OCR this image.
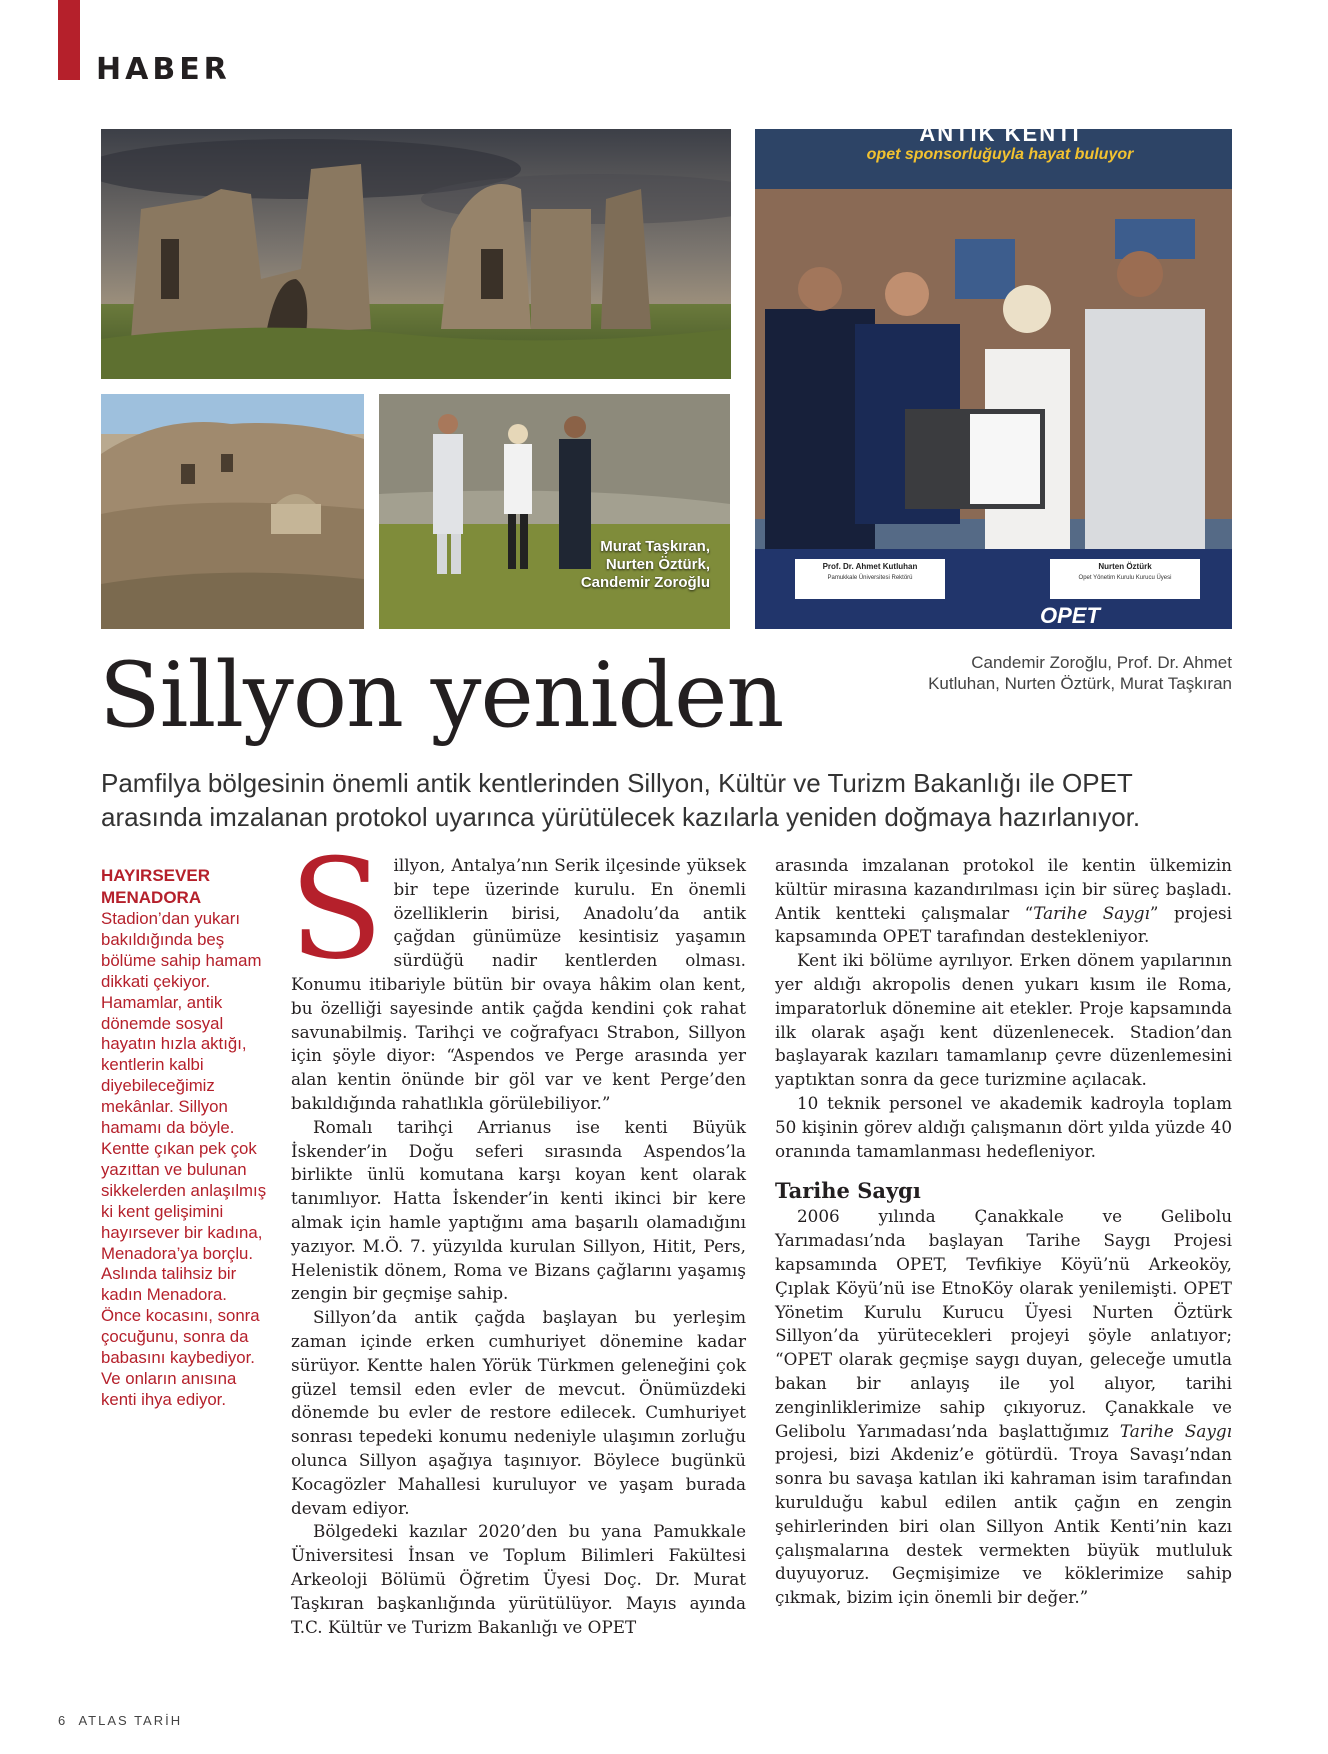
HABER
Murat Taşkıran, Nurten Öztürk, Candemir Zoroğlu
ANTİK KENTİ
opet sponsorluğuyla hayat buluyor
Prof. Dr. Ahmet Kutluhan
Pamukkale Üniversitesi Rektörü
Nurten Öztürk
Opet Yönetim Kurulu Kurucu Üyesi
OPET
Candemir Zoroğlu, Prof. Dr. Ahmet Kutluhan, Nurten Öztürk, Murat Taşkıran
Sillyon yeniden
Pamfilya bölgesinin önemli antik kentlerinden Sillyon, Kültür ve Turizm Bakanlığı ile OPET arasında imzalanan protokol uyarınca yürütülecek kazılarla yeniden doğmaya hazırlanıyor.
HAYIRSEVER
MENADORA
Stadion’dan yukarı bakıldığında beş bölüme sahip hamam dikkati çekiyor. Hamamlar, antik dönemde sosyal hayatın hızla aktığı, kentlerin kalbi diyebileceğimiz mekânlar. Sillyon hamamı da böyle. Kentte çıkan pek çok yazıttan ve bulunan sikkelerden anlaşılmış ki kent gelişimini hayırsever bir kadına, Menadora’ya borçlu. Aslında talihsiz bir kadın Menadora. Önce kocasını, sonra çocuğunu, sonra da babasını kaybediyor. Ve onların anısına kenti ihya ediyor.
S illyon, Antalya’nın Serik ilçesinde yüksek bir tepe üzerinde kurulu. En önemli özelliklerin birisi, Anadolu’da antik çağdan günümüze kesintisiz yaşamın sürdüğü nadir kentlerden olması. Konumu itibariyle bütün bir ovaya hâkim olan kent, bu özelliği sayesinde antik çağda kendini çok rahat savunabilmiş. Tarihçi ve coğrafyacı Strabon, Sillyon için şöyle diyor: “Aspendos ve Perge arasında yer alan kentin önünde bir göl var ve kent Perge’den bakıldığında rahatlıkla görülebiliyor.”

Romalı tarihçi Arrianus ise kenti Büyük İskender’in Doğu seferi sırasında Aspendos’la birlikte ünlü komutana karşı koyan kent olarak tanımlıyor. Hatta İskender’in kenti ikinci bir kere almak için hamle yaptığını ama başarılı olamadığını yazıyor. M.Ö. 7. yüzyılda kurulan Sillyon, Hitit, Pers, Helenistik dönem, Roma ve Bizans çağlarını yaşamış zengin bir geçmişe sahip.

Sillyon’da antik çağda başlayan bu yerleşim zaman içinde erken cumhuriyet dönemine kadar sürüyor. Kentte halen Yörük Türkmen geleneğini çok güzel temsil eden evler de mevcut. Önümüzdeki dönemde bu evler de restore edilecek. Cumhuriyet sonrası tepedeki konumu nedeniyle ulaşımın zorluğu olunca Sillyon aşağıya taşınıyor. Böylece bugünkü Kocagözler Mahallesi kuruluyor ve yaşam burada devam ediyor.

Bölgedeki kazılar 2020’den bu yana Pamukkale Üniversitesi İnsan ve Toplum Bilimleri Fakültesi Arkeoloji Bölümü Öğretim Üyesi Doç. Dr. Murat Taşkıran başkanlığında yürütülüyor. Mayıs ayında T.C. Kültür ve Turizm Bakanlığı ve OPET

arasında imzalanan protokol ile kentin ülkemizin kültür mirasına kazandırılması için bir süreç başladı. Antik kentteki çalışmalar “Tarihe Saygı” projesi kapsamında OPET tarafından destekleniyor.

Kent iki bölüme ayrılıyor. Erken dönem yapılarının yer aldığı akropolis denen yukarı kısım ile Roma, imparatorluk dönemine ait etekler. Proje kapsamında ilk olarak aşağı kent düzenlenecek. Stadion’dan başlayarak kazıları tamamlanıp çevre düzenlemesini yaptıktan sonra da gece turizmine açılacak.

10 teknik personel ve akademik kadroyla toplam 50 kişinin görev aldığı çalışmanın dört yılda yüzde 40 oranında tamamlanması hedefleniyor.

Tarihe Saygı

2006 yılında Çanakkale ve Gelibolu Yarımadası’nda başlayan Tarihe Saygı Projesi kapsamında OPET, Tevfikiye Köyü’nü Arkeoköy, Çıplak Köyü’nü ise EtnoKöy olarak yenilemişti. OPET Yönetim Kurulu Kurucu Üyesi Nurten Öztürk Sillyon’da yürütecekleri projeyi şöyle anlatıyor; “OPET olarak geçmişe saygı duyan, geleceğe umutla bakan bir anlayış ile yol alıyor, tarihi zenginliklerimize sahip çıkıyoruz. Çanakkale ve Gelibolu Yarımadası’nda başlattığımız Tarihe Saygı projesi, bizi Akdeniz’e götürdü. Troya Savaşı’ndan sonra bu savaşa katılan iki kahraman isim tarafından kurulduğu kabul edilen antik çağın en zengin şehirlerinden biri olan Sillyon Antik Kenti’nin kazı çalışmalarına destek vermekten büyük mutluluk duyuyoruz. Geçmişimize ve köklerimize sahip çıkmak, bizim için önemli bir değer.”

6 ATLAS TARİH
